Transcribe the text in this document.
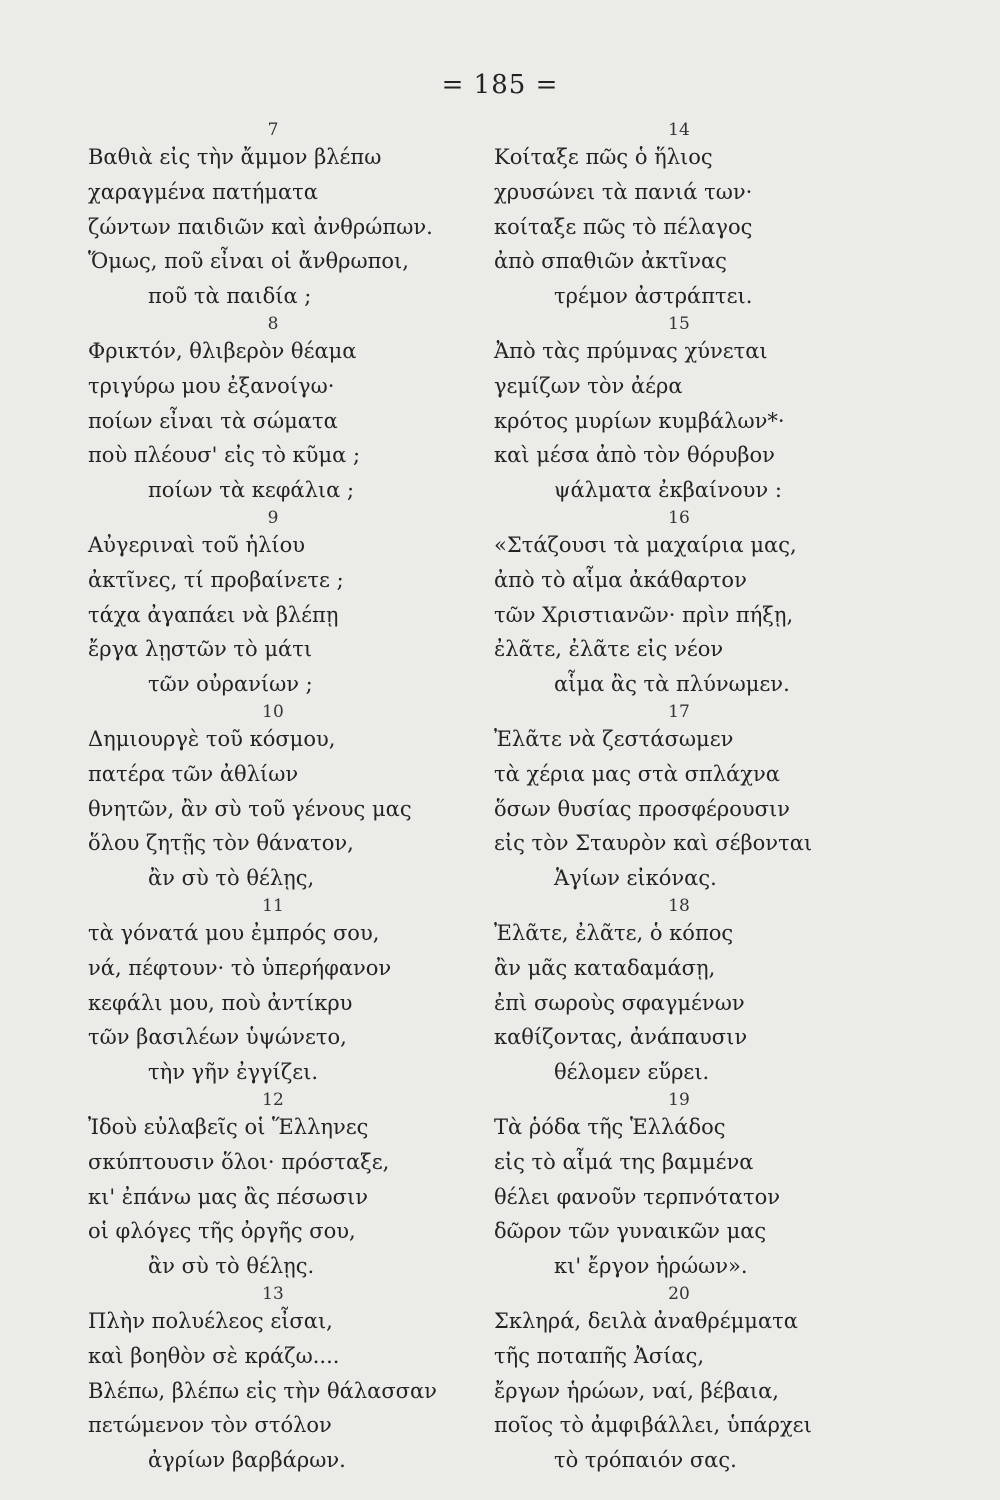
= 185 =
7
Βαθιὰ εἰς τὴν ἄμμον βλέπω
χαραγμένα πατήματα
ζώντων παιδιῶν καὶ ἀνθρώπων.
Ὅμως, ποῦ εἶναι οἱ ἄνθρωποι,
ποῦ τὰ παιδία ;
8
Φρικτόν, θλιβερὸν θέαμα
τριγύρω μου ἐξανοίγω·
ποίων εἶναι τὰ σώματα
ποὺ πλέουσ' εἰς τὸ κῦμα ;
ποίων τὰ κεφάλια ;
9
Αὐγεριναὶ τοῦ ἡλίου
ἀκτῖνες, τί προβαίνετε ;
τάχα ἀγαπάει νὰ βλέπῃ
ἔργα λῃστῶν τὸ μάτι
τῶν οὐρανίων ;
10
Δημιουργὲ τοῦ κόσμου,
πατέρα τῶν ἀθλίων
θνητῶν, ἂν σὺ τοῦ γένους μας
ὅλου ζητῇς τὸν θάνατον,
ἂν σὺ τὸ θέλῃς,
11
τὰ γόνατά μου ἐμπρός σου,
νά, πέφτουν· τὸ ὑπερήφανον
κεφάλι μου, ποὺ ἀντίκρυ
τῶν βασιλέων ὑψώνετο,
τὴν γῆν ἐγγίζει.
12
Ἰδοὺ εὐλαβεῖς οἱ Ἕλληνες
σκύπτουσιν ὅλοι· πρόσταξε,
κι' ἐπάνω μας ἂς πέσωσιν
οἱ φλόγες τῆς ὀργῆς σου,
ἂν σὺ τὸ θέλῃς.
13
Πλὴν πολυέλεος εἶσαι,
καὶ βοηθὸν σὲ κράζω....
Βλέπω, βλέπω εἰς τὴν θάλασσαν
πετώμενον τὸν στόλον
ἀγρίων βαρβάρων.
14
Κοίταξε πῶς ὁ ἥλιος
χρυσώνει τὰ πανιά των·
κοίταξε πῶς τὸ πέλαγος
ἀπὸ σπαθιῶν ἀκτῖνας
τρέμον ἀστράπτει.
15
Ἀπὸ τὰς πρύμνας χύνεται
γεμίζων τὸν ἀέρα
κρότος μυρίων κυμβάλων*·
καὶ μέσα ἀπὸ τὸν θόρυβον
ψάλματα ἐκβαίνουν :
16
«Στάζουσι τὰ μαχαίρια μας,
ἀπὸ τὸ αἷμα ἀκάθαρτον
τῶν Χριστιανῶν· πρὶν πήξῃ,
ἐλᾶτε, ἐλᾶτε εἰς νέον
αἷμα ἂς τὰ πλύνωμεν.
17
Ἐλᾶτε νὰ ζεστάσωμεν
τὰ χέρια μας στὰ σπλάχνα
ὅσων θυσίας προσφέρουσιν
εἰς τὸν Σταυρὸν καὶ σέβονται
Ἁγίων εἰκόνας.
18
Ἐλᾶτε, ἐλᾶτε, ὁ κόπος
ἂν μᾶς καταδαμάσῃ,
ἐπὶ σωροὺς σφαγμένων
καθίζοντας, ἀνάπαυσιν
θέλομεν εὕρει.
19
Τὰ ῥόδα τῆς Ἑλλάδος
εἰς τὸ αἷμά της βαμμένα
θέλει φανοῦν τερπνότατον
δῶρον τῶν γυναικῶν μας
κι' ἔργον ἡρώων».
20
Σκληρά, δειλὰ ἀναθρέμματα
τῆς ποταπῆς Ἀσίας,
ἔργων ἡρώων, ναί, βέβαια,
ποῖος τὸ ἀμφιβάλλει, ὑπάρχει
τὸ τρόπαιόν σας.
